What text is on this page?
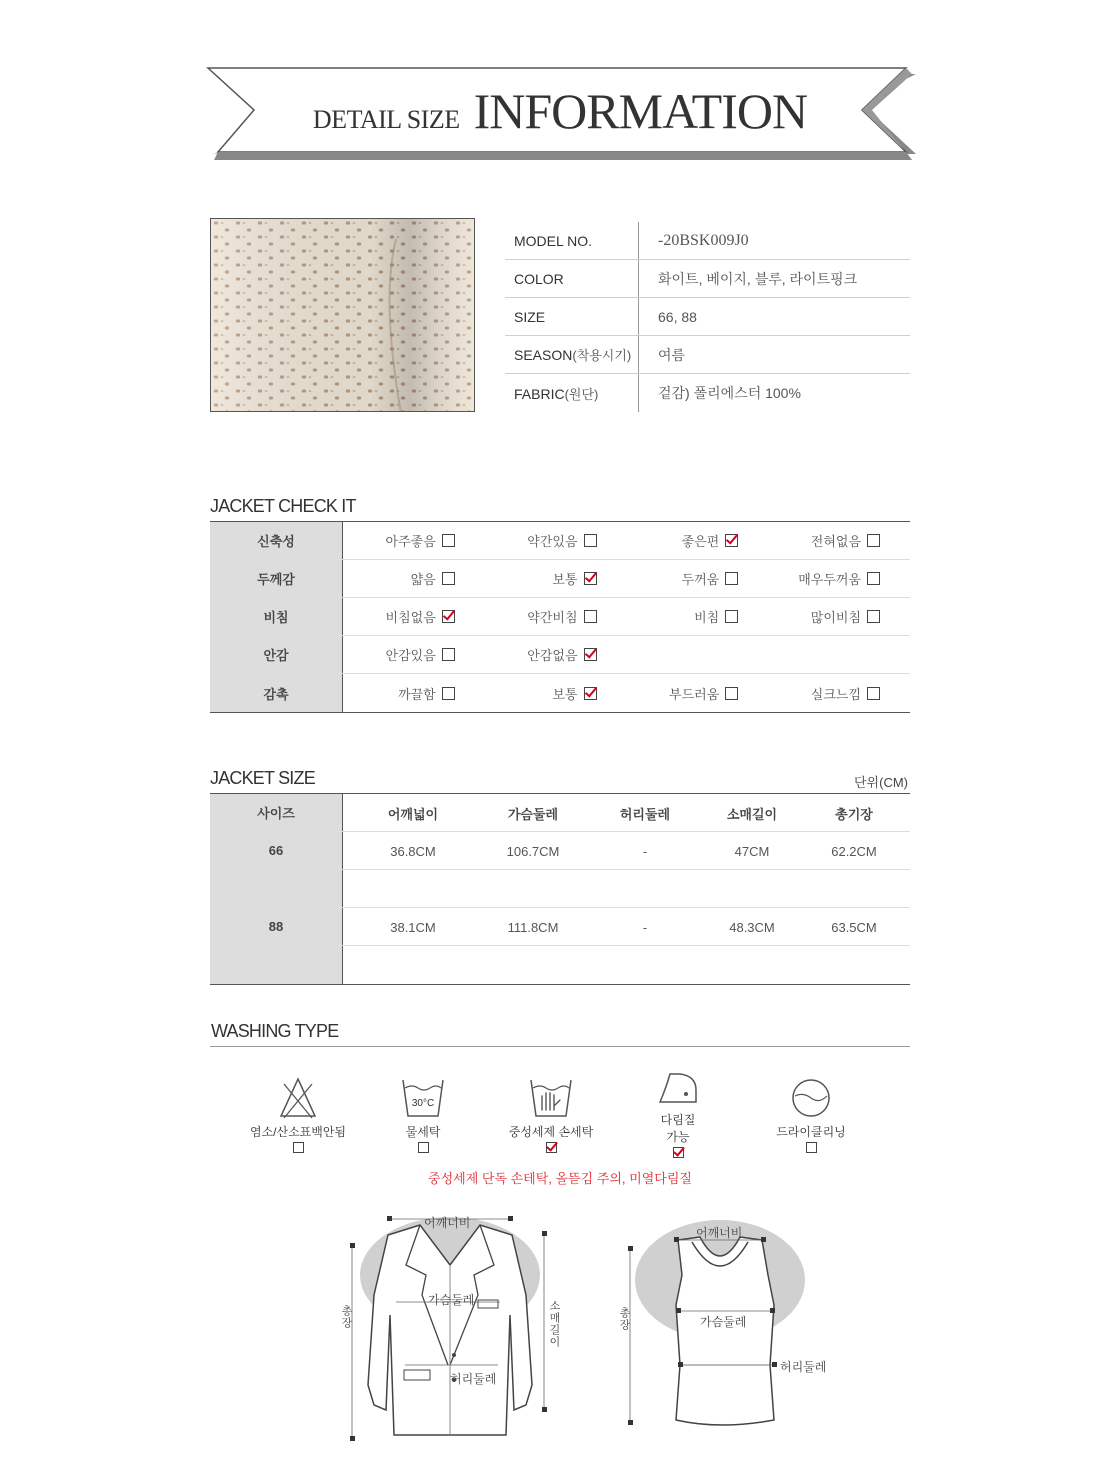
DETAIL SIZE INFORMATION
MODEL NO.	-20BSK009J0
COLOR	화이트, 베이지, 블루, 라이트핑크
SIZE	66, 88
SEASON(착용시기)	여름
FABRIC(원단)	겉감) 폴리에스터 100%
JACKET CHECK IT
신축성	아주좋음	약간있음	좋은편	전혀없음
두께감	얇음	보통	두꺼움	매우두꺼움
비침	비침없음	약간비침	비침	많이비침
안감	안감있음	안감없음
감촉	까끌함	보통	부드러움	실크느낌
JACKET SIZE	단위(CM)
사이즈	어깨넓이	가슴둘레	허리둘레	소매길이	총기장
66	36.8CM	106.7CM	-	47CM	62.2CM
88	38.1CM	111.8CM	-	48.3CM	63.5CM
WASHING TYPE
염소/산소표백안됨
30°C
물세탁	중성세제 손세탁
다림질
가능	드라이클리닝
중성세제 단독 손테탁, 올뜯김 주의, 미열다림질
어깨너비
가슴둘레
허리둘레
총장	소매길이
어깨너비
가슴둘레
허리둘레
총장
